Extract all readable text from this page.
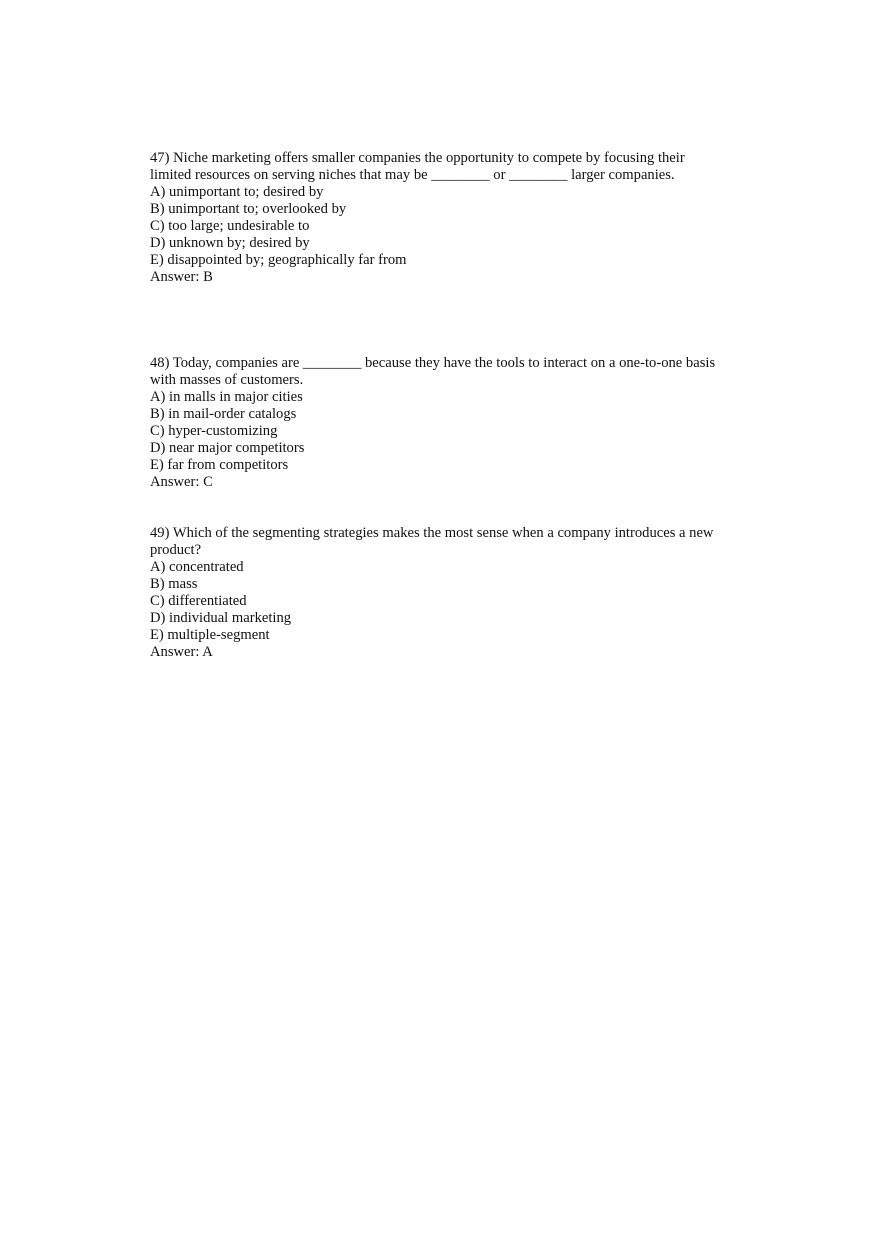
47) Niche marketing offers smaller companies the opportunity to compete by focusing their
limited resources on serving niches that may be ________ or ________ larger companies.
A) unimportant to; desired by
B) unimportant to; overlooked by
C) too large; undesirable to
D) unknown by; desired by
E) disappointed by; geographically far from
Answer: B
48) Today, companies are ________ because they have the tools to interact on a one-to-one basis
with masses of customers.
A) in malls in major cities
B) in mail-order catalogs
C) hyper-customizing
D) near major competitors
E) far from competitors
Answer: C
49) Which of the segmenting strategies makes the most sense when a company introduces a new
product?
A) concentrated
B) mass
C) differentiated
D) individual marketing
E) multiple-segment
Answer: A
